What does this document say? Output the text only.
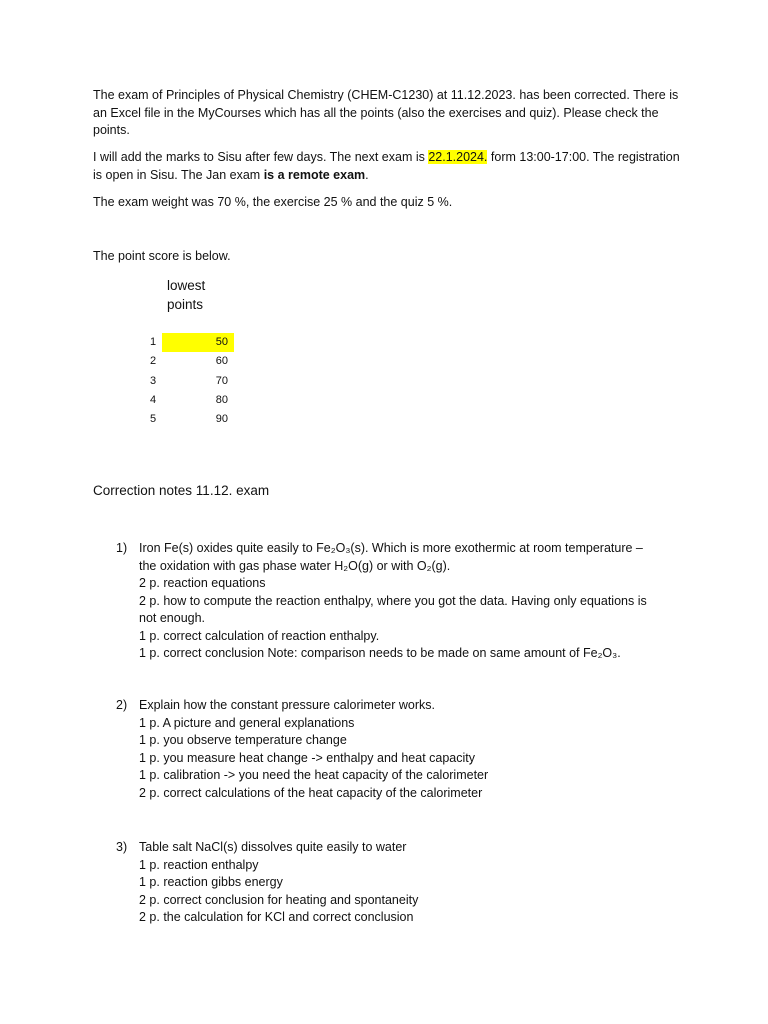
The exam of Principles of Physical Chemistry (CHEM-C1230) at 11.12.2023. has been corrected. There is an Excel file in the MyCourses which has all the points (also the exercises and quiz). Please check the points.

I will add the marks to Sisu after few days. The next exam is 22.1.2024. form 13:00-17:00. The registration is open in Sisu. The Jan exam is a remote exam.

The exam weight was 70 %, the exercise 25 % and the quiz 5 %.

The point score is below.

lowest
points
1	50
2	60
3	70
4	80
5	90
Correction notes 11.12. exam
1) Iron Fe(s) oxides quite easily to Fe₂O₃(s). Which is more exothermic at room temperature –
the oxidation with gas phase water H₂O(g) or with O₂(g).
2 p. reaction equations
2 p. how to compute the reaction enthalpy, where you got the data. Having only equations is
not enough.
1 p. correct calculation of reaction enthalpy.
1 p. correct conclusion Note: comparison needs to be made on same amount of Fe₂O₃.
2) Explain how the constant pressure calorimeter works.
1 p. A picture and general explanations
1 p. you observe temperature change
1 p. you measure heat change -> enthalpy and heat capacity
1 p. calibration -> you need the heat capacity of the calorimeter
2 p. correct calculations of the heat capacity of the calorimeter
3) Table salt NaCl(s) dissolves quite easily to water
1 p. reaction enthalpy
1 p. reaction gibbs energy
2 p. correct conclusion for heating and spontaneity
2 p. the calculation for KCl and correct conclusion
